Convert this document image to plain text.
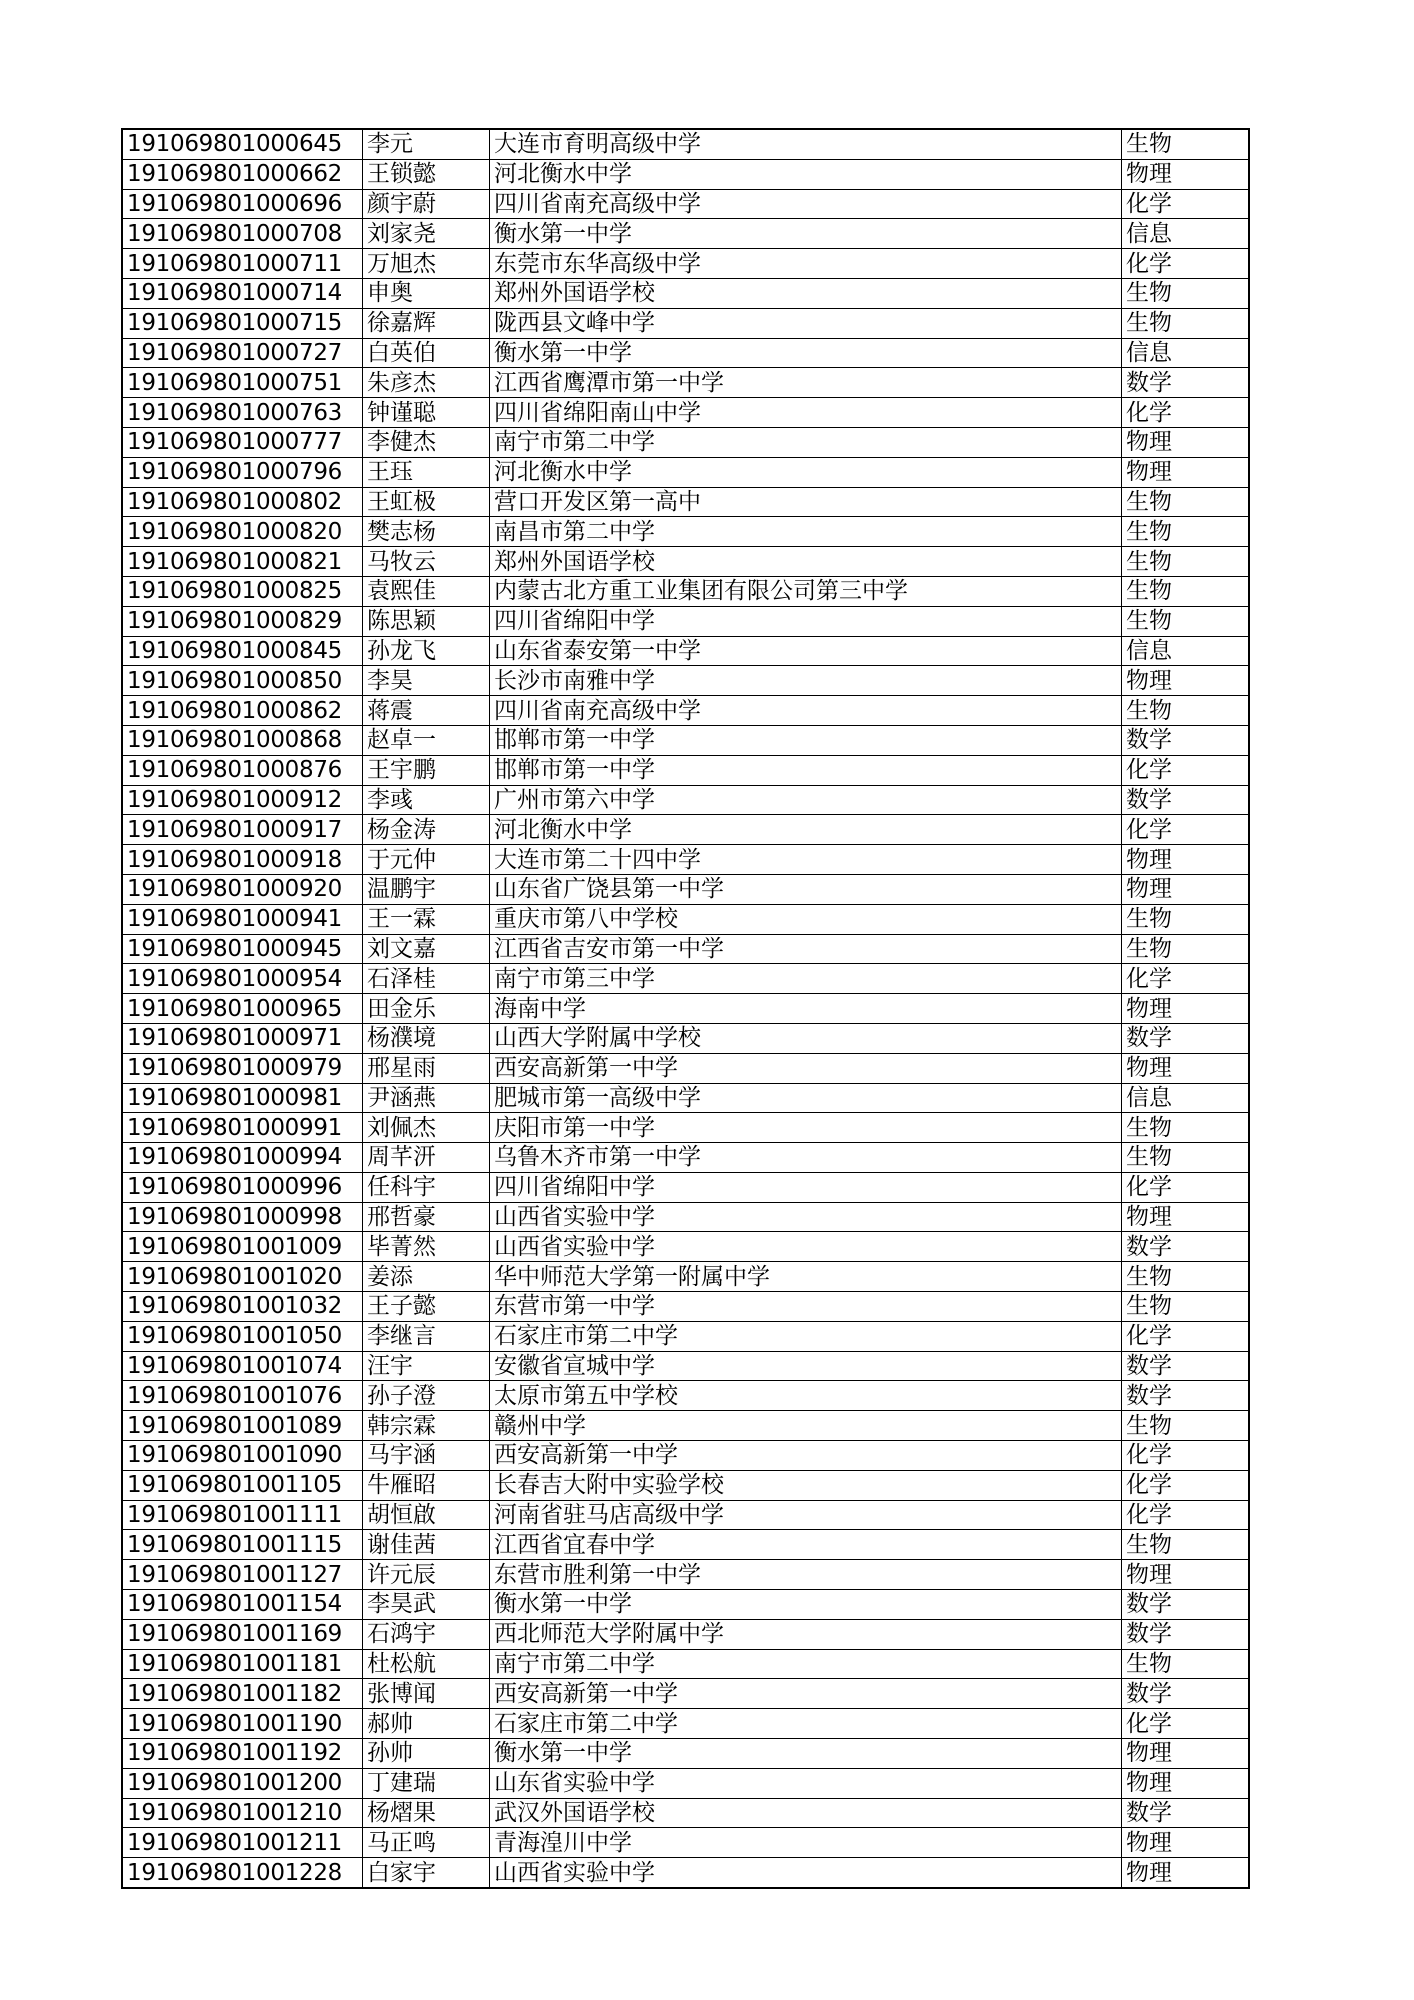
191069801000645	李元	大连市育明高级中学	生物
191069801000662	王锁懿	河北衡水中学	物理
191069801000696	颜宇蔚	四川省南充高级中学	化学
191069801000708	刘家尧	衡水第一中学	信息
191069801000711	万旭杰	东莞市东华高级中学	化学
191069801000714	申奥	郑州外国语学校	生物
191069801000715	徐嘉辉	陇西县文峰中学	生物
191069801000727	白英伯	衡水第一中学	信息
191069801000751	朱彦杰	江西省鹰潭市第一中学	数学
191069801000763	钟谨聪	四川省绵阳南山中学	化学
191069801000777	李健杰	南宁市第二中学	物理
191069801000796	王珏	河北衡水中学	物理
191069801000802	王虹极	营口开发区第一高中	生物
191069801000820	樊志杨	南昌市第二中学	生物
191069801000821	马牧云	郑州外国语学校	生物
191069801000825	袁熙佳	内蒙古北方重工业集团有限公司第三中学	生物
191069801000829	陈思颖	四川省绵阳中学	生物
191069801000845	孙龙飞	山东省泰安第一中学	信息
191069801000850	李昊	长沙市南雅中学	物理
191069801000862	蒋震	四川省南充高级中学	生物
191069801000868	赵卓一	邯郸市第一中学	数学
191069801000876	王宇鹏	邯郸市第一中学	化学
191069801000912	李彧	广州市第六中学	数学
191069801000917	杨金涛	河北衡水中学	化学
191069801000918	于元仲	大连市第二十四中学	物理
191069801000920	温鹏宇	山东省广饶县第一中学	物理
191069801000941	王一霖	重庆市第八中学校	生物
191069801000945	刘文嘉	江西省吉安市第一中学	生物
191069801000954	石泽桂	南宁市第三中学	化学
191069801000965	田金乐	海南中学	物理
191069801000971	杨濮境	山西大学附属中学校	数学
191069801000979	邢星雨	西安高新第一中学	物理
191069801000981	尹涵燕	肥城市第一高级中学	信息
191069801000991	刘佩杰	庆阳市第一中学	生物
191069801000994	周芊汧	乌鲁木齐市第一中学	生物
191069801000996	任科宇	四川省绵阳中学	化学
191069801000998	邢哲豪	山西省实验中学	物理
191069801001009	毕菁然	山西省实验中学	数学
191069801001020	姜添	华中师范大学第一附属中学	生物
191069801001032	王子懿	东营市第一中学	生物
191069801001050	李继言	石家庄市第二中学	化学
191069801001074	汪宇	安徽省宣城中学	数学
191069801001076	孙子澄	太原市第五中学校	数学
191069801001089	韩宗霖	赣州中学	生物
191069801001090	马宇涵	西安高新第一中学	化学
191069801001105	牛雁昭	长春吉大附中实验学校	化学
191069801001111	胡恒啟	河南省驻马店高级中学	化学
191069801001115	谢佳茜	江西省宜春中学	生物
191069801001127	许元辰	东营市胜利第一中学	物理
191069801001154	李昊武	衡水第一中学	数学
191069801001169	石鸿宇	西北师范大学附属中学	数学
191069801001181	杜松航	南宁市第二中学	生物
191069801001182	张博闻	西安高新第一中学	数学
191069801001190	郝帅	石家庄市第二中学	化学
191069801001192	孙帅	衡水第一中学	物理
191069801001200	丁建瑞	山东省实验中学	物理
191069801001210	杨熠果	武汉外国语学校	数学
191069801001211	马正鸣	青海湟川中学	物理
191069801001228	白家宇	山西省实验中学	物理
